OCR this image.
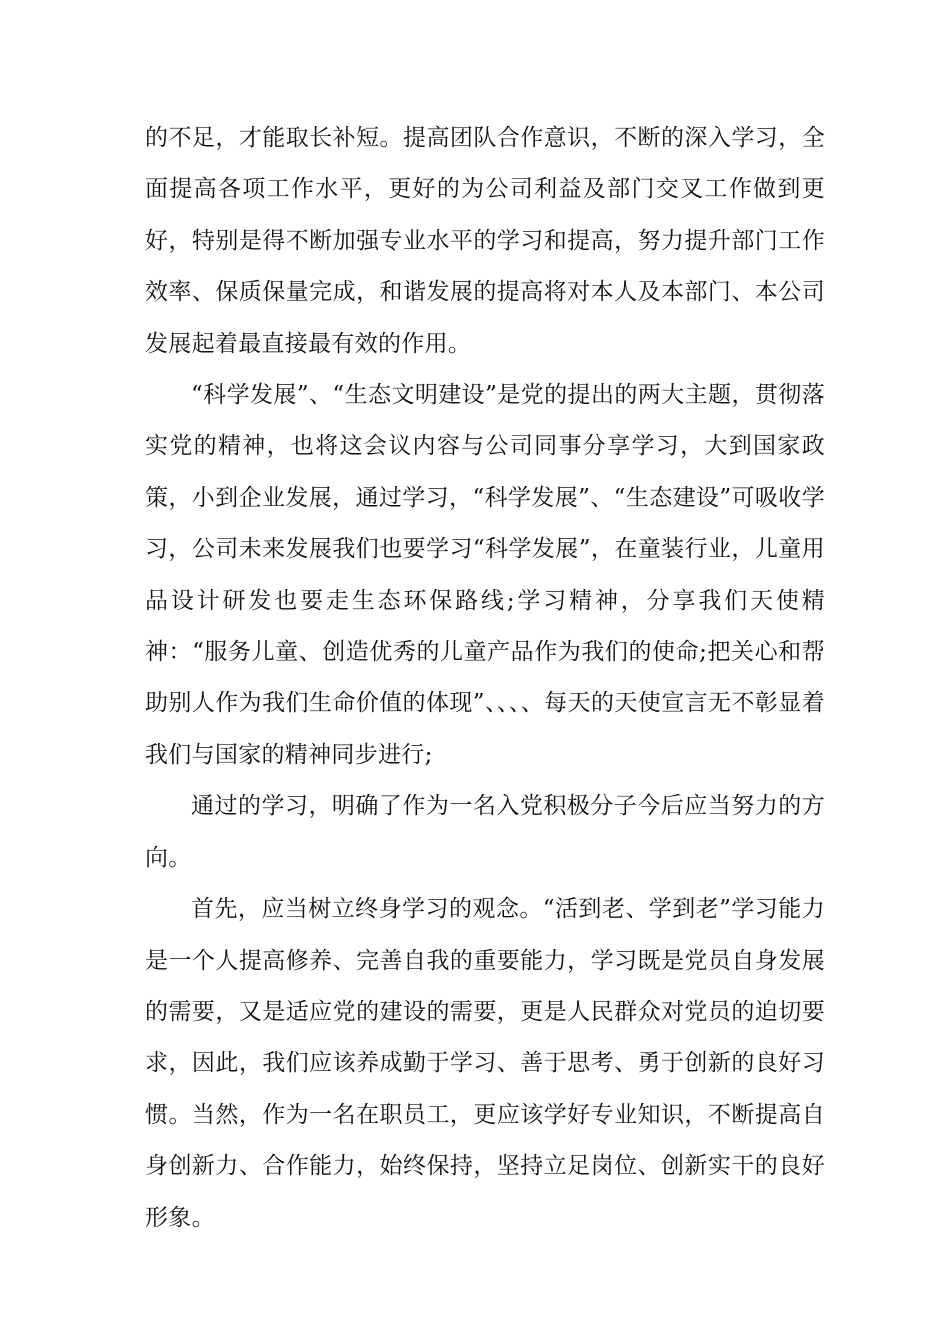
的不足，才能取长补短。提高团队合作意识，不断的深入学习，全面提高各项工作水平，更好的为公司利益及部门交叉工作做到更好，特别是得不断加强专业水平的学习和提高，努力提升部门工作效率、保质保量完成，和谐发展的提高将对本人及本部门、本公司发展起着最直接最有效的作用。

“科学发展”、“生态文明建设”是党的提出的两大主题，贯彻落实党的精神，也将这会议内容与公司同事分享学习，大到国家政策，小到企业发展，通过学习，“科学发展”、“生态建设”可吸收学习，公司未来发展我们也要学习“科学发展”，在童装行业，儿童用品设计研发也要走生态环保路线;学习精神，分享我们天使精神：“服务儿童、创造优秀的儿童产品作为我们的使命;把关心和帮助别人作为我们生命价值的体现”、、、、每天的天使宣言无不彰显着我们与国家的精神同步进行;

通过的学习，明确了作为一名入党积极分子今后应当努力的方向。

首先，应当树立终身学习的观念。“活到老、学到老”学习能力是一个人提高修养、完善自我的重要能力，学习既是党员自身发展的需要，又是适应党的建设的需要，更是人民群众对党员的迫切要求，因此，我们应该养成勤于学习、善于思考、勇于创新的良好习惯。当然，作为一名在职员工，更应该学好专业知识，不断提高自身创新力、合作能力，始终保持，坚持立足岗位、创新实干的良好形象。
